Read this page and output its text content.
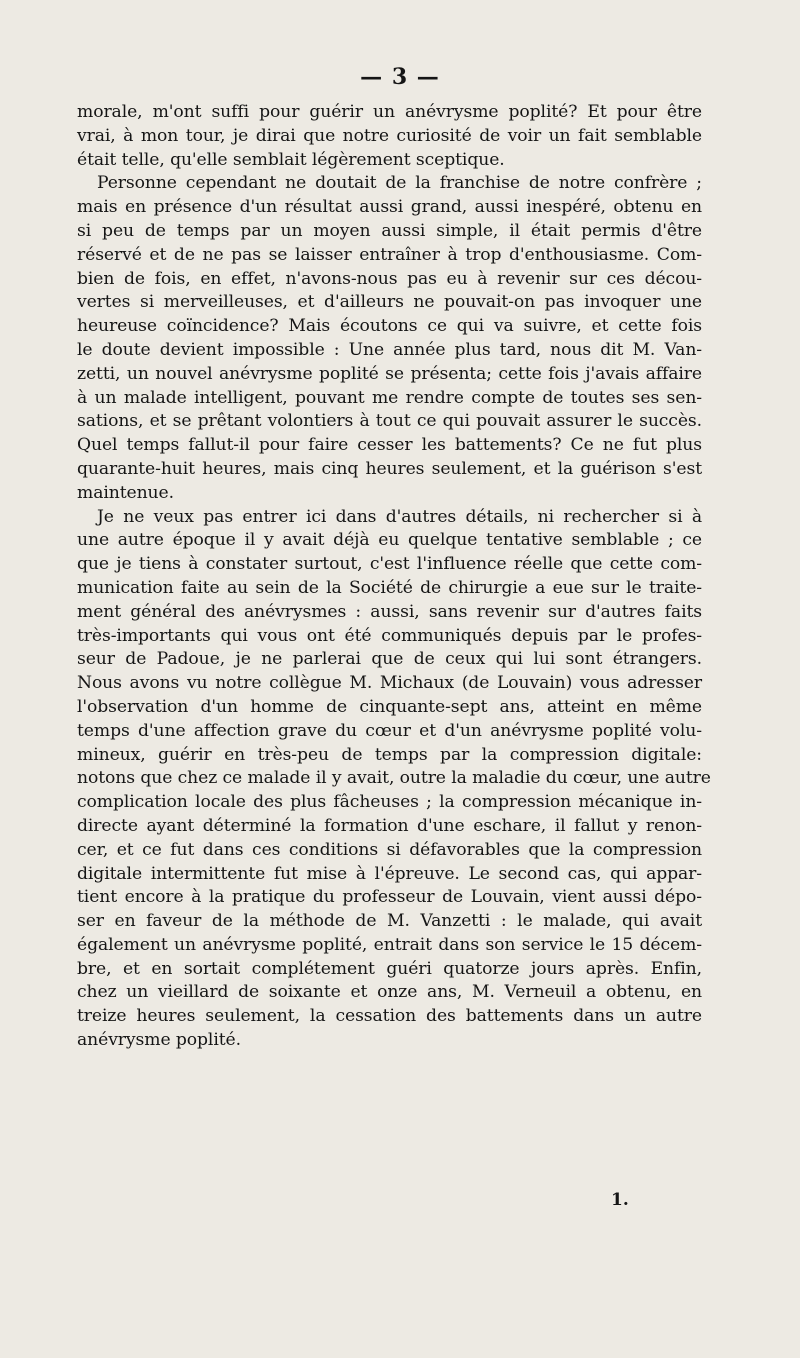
— 3 —
morale, m'ont suffi pour guérir un anévrysme poplité? Et pour être
vrai, à mon tour, je dirai que notre curiosité de voir un fait semblable
était telle, qu'elle semblait légèrement sceptique.
Personne cependant ne doutait de la franchise de notre confrère ;
mais en présence d'un résultat aussi grand, aussi inespéré, obtenu en
si peu de temps par un moyen aussi simple, il était permis d'être
réservé et de ne pas se laisser entraîner à trop d'enthousiasme. Com-
bien de fois, en effet, n'avons-nous pas eu à revenir sur ces décou-
vertes si merveilleuses, et d'ailleurs ne pouvait-on pas invoquer une
heureuse coïncidence? Mais écoutons ce qui va suivre, et cette fois
le doute devient impossible : Une année plus tard, nous dit M. Van-
zetti, un nouvel anévrysme poplité se présenta; cette fois j'avais affaire
à un malade intelligent, pouvant me rendre compte de toutes ses sen-
sations, et se prêtant volontiers à tout ce qui pouvait assurer le succès.
Quel temps fallut-il pour faire cesser les battements? Ce ne fut plus
quarante-huit heures, mais cinq heures seulement, et la guérison s'est
maintenue.
Je ne veux pas entrer ici dans d'autres détails, ni rechercher si à
une autre époque il y avait déjà eu quelque tentative semblable ; ce
que je tiens à constater surtout, c'est l'influence réelle que cette com-
munication faite au sein de la Société de chirurgie a eue sur le traite-
ment général des anévrysmes : aussi, sans revenir sur d'autres faits
très-importants qui vous ont été communiqués depuis par le profes-
seur de Padoue, je ne parlerai que de ceux qui lui sont étrangers.
Nous avons vu notre collègue M. Michaux (de Louvain) vous adresser
l'observation d'un homme de cinquante-sept ans, atteint en même
temps d'une affection grave du cœur et d'un anévrysme poplité volu-
mineux, guérir en très-peu de temps par la compression digitale:
notons que chez ce malade il y avait, outre la maladie du cœur, une autre
complication locale des plus fâcheuses ; la compression mécanique in-
directe ayant déterminé la formation d'une eschare, il fallut y renon-
cer, et ce fut dans ces conditions si défavorables que la compression
digitale intermittente fut mise à l'épreuve. Le second cas, qui appar-
tient encore à la pratique du professeur de Louvain, vient aussi dépo-
ser en faveur de la méthode de M. Vanzetti : le malade, qui avait
également un anévrysme poplité, entrait dans son service le 15 décem-
bre, et en sortait complétement guéri quatorze jours après. Enfin,
chez un vieillard de soixante et onze ans, M. Verneuil a obtenu, en
treize heures seulement, la cessation des battements dans un autre
anévrysme poplité.
1.
